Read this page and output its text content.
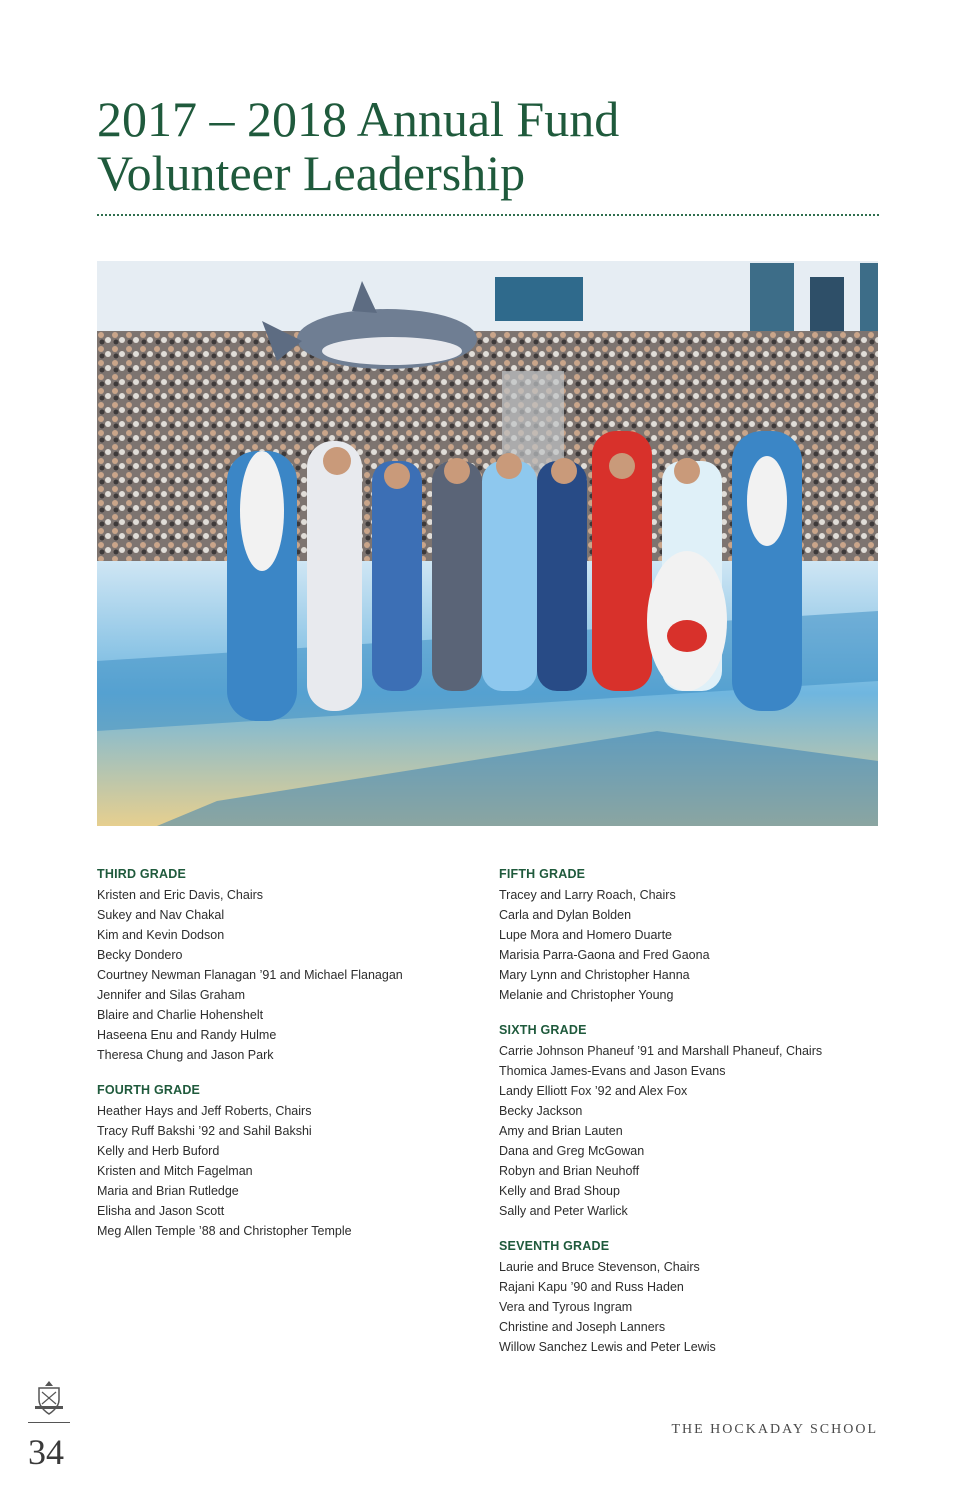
2017 – 2018 Annual Fund
Volunteer Leadership
THIRD GRADE
Kristen and Eric Davis, Chairs
Sukey and Nav Chakal
Kim and Kevin Dodson
Becky Dondero
Courtney Newman Flanagan ’91 and Michael Flanagan
Jennifer and Silas Graham
Blaire and Charlie Hohenshelt
Haseena Enu and Randy Hulme
Theresa Chung and Jason Park
FOURTH GRADE
Heather Hays and Jeff Roberts, Chairs
Tracy Ruff Bakshi ’92 and Sahil Bakshi
Kelly and Herb Buford
Kristen and Mitch Fagelman
Maria and Brian Rutledge
Elisha and Jason Scott
Meg Allen Temple ’88 and Christopher Temple
FIFTH GRADE
Tracey and Larry Roach, Chairs
Carla and Dylan Bolden
Lupe Mora and Homero Duarte
Marisia Parra-Gaona and Fred Gaona
Mary Lynn and Christopher Hanna
Melanie and Christopher Young
SIXTH GRADE
Carrie Johnson Phaneuf ’91 and Marshall Phaneuf, Chairs
Thomica James-Evans and Jason Evans
Landy Elliott Fox ’92 and Alex Fox
Becky Jackson
Amy and Brian Lauten
Dana and Greg McGowan
Robyn and Brian Neuhoff
Kelly and Brad Shoup
Sally and Peter Warlick
SEVENTH GRADE
Laurie and Bruce Stevenson, Chairs
Rajani Kapu ’90 and Russ Haden
Vera and Tyrous Ingram
Christine and Joseph Lanners
Willow Sanchez Lewis and Peter Lewis
34
THE HOCKADAY SCHOOL
